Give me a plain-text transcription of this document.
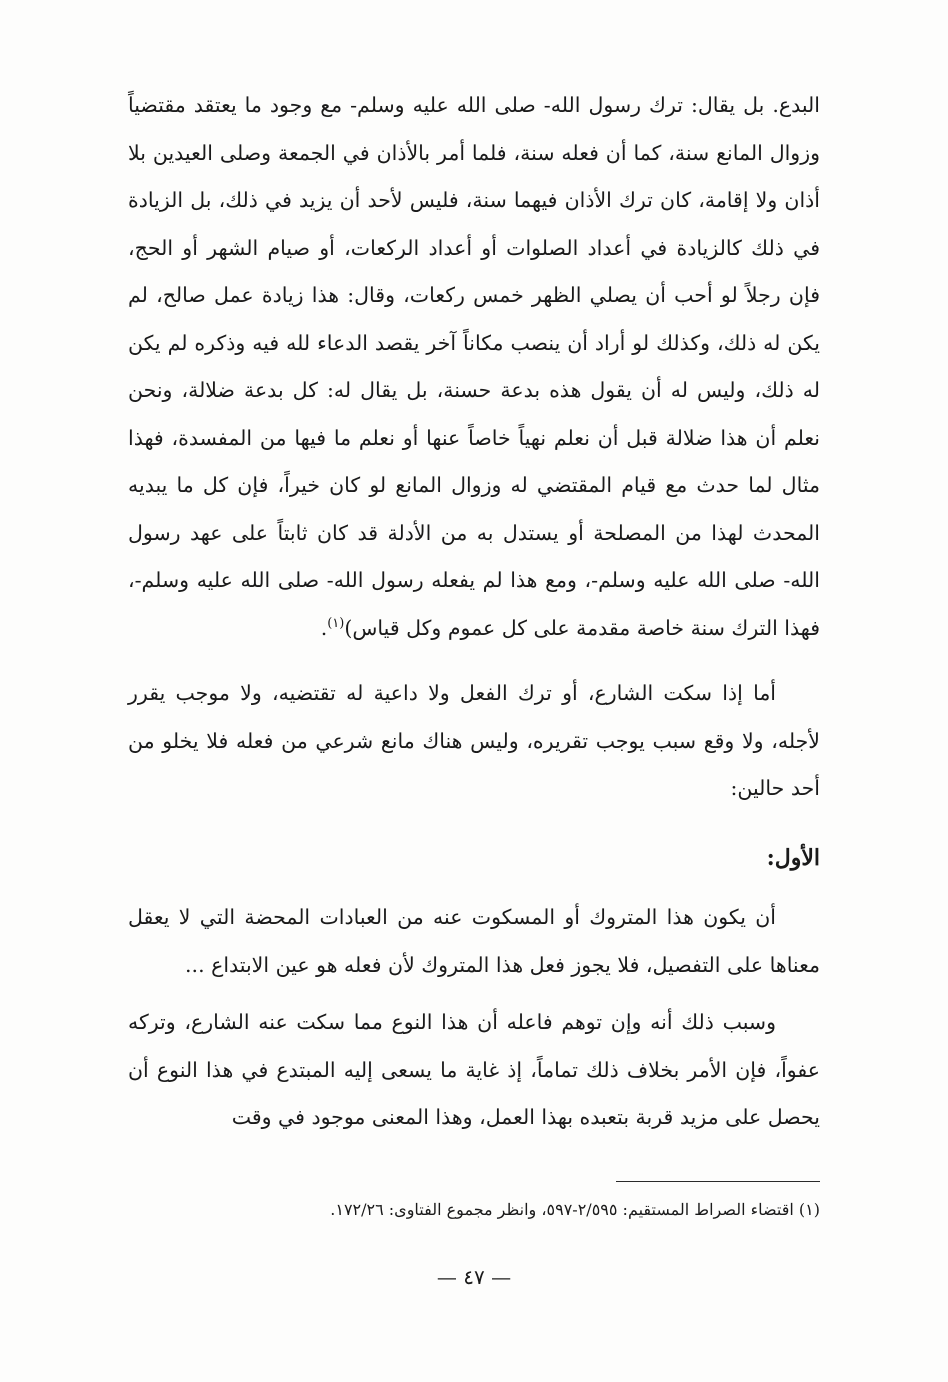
البدع. بل يقال: ترك رسول الله- صلى الله عليه وسلم- مع وجود ما يعتقد مقتضياً وزوال المانع سنة، كما أن فعله سنة، فلما أمر بالأذان في الجمعة وصلى العيدين بلا أذان ولا إقامة، كان ترك الأذان فيهما سنة، فليس لأحد أن يزيد في ذلك، بل الزيادة في ذلك كالزيادة في أعداد الصلوات أو أعداد الركعات، أو صيام الشهر أو الحج، فإن رجلاً لو أحب أن يصلي الظهر خمس ركعات، وقال: هذا زيادة عمل صالح، لم يكن له ذلك، وكذلك لو أراد أن ينصب مكاناً آخر يقصد الدعاء لله فيه وذكره لم يكن له ذلك، وليس له أن يقول هذه بدعة حسنة، بل يقال له: كل بدعة ضلالة، ونحن نعلم أن هذا ضلالة قبل أن نعلم نهياً خاصاً عنها أو نعلم ما فيها من المفسدة، فهذا مثال لما حدث مع قيام المقتضي له وزوال المانع لو كان خيراً، فإن كل ما يبديه المحدث لهذا من المصلحة أو يستدل به من الأدلة قد كان ثابتاً على عهد رسول الله- صلى الله عليه وسلم-، ومع هذا لم يفعله رسول الله- صلى الله عليه وسلم-، فهذا الترك سنة خاصة مقدمة على كل عموم وكل قياس)$^{(١)}$.

أما إذا سكت الشارع، أو ترك الفعل ولا داعية له تقتضيه، ولا موجب يقرر لأجله، ولا وقع سبب يوجب تقريره، وليس هناك مانع شرعي من فعله فلا يخلو من أحد حالين:

الأول:

أن يكون هذا المتروك أو المسكوت عنه من العبادات المحضة التي لا يعقل معناها على التفصيل، فلا يجوز فعل هذا المتروك لأن فعله هو عين الابتداع ...

وسبب ذلك أنه وإن توهم فاعله أن هذا النوع مما سكت عنه الشارع، وتركه عفواً، فإن الأمر بخلاف ذلك تماماً، إذ غاية ما يسعى إليه المبتدع في هذا النوع أن يحصل على مزيد قربة بتعبده بهذا العمل، وهذا المعنى موجود في وقت

(١) اقتضاء الصراط المستقيم: ٢/٥٩٥-٥٩٧، وانظر مجموع الفتاوى: ١٧٢/٢٦.
— ٤٧ —
